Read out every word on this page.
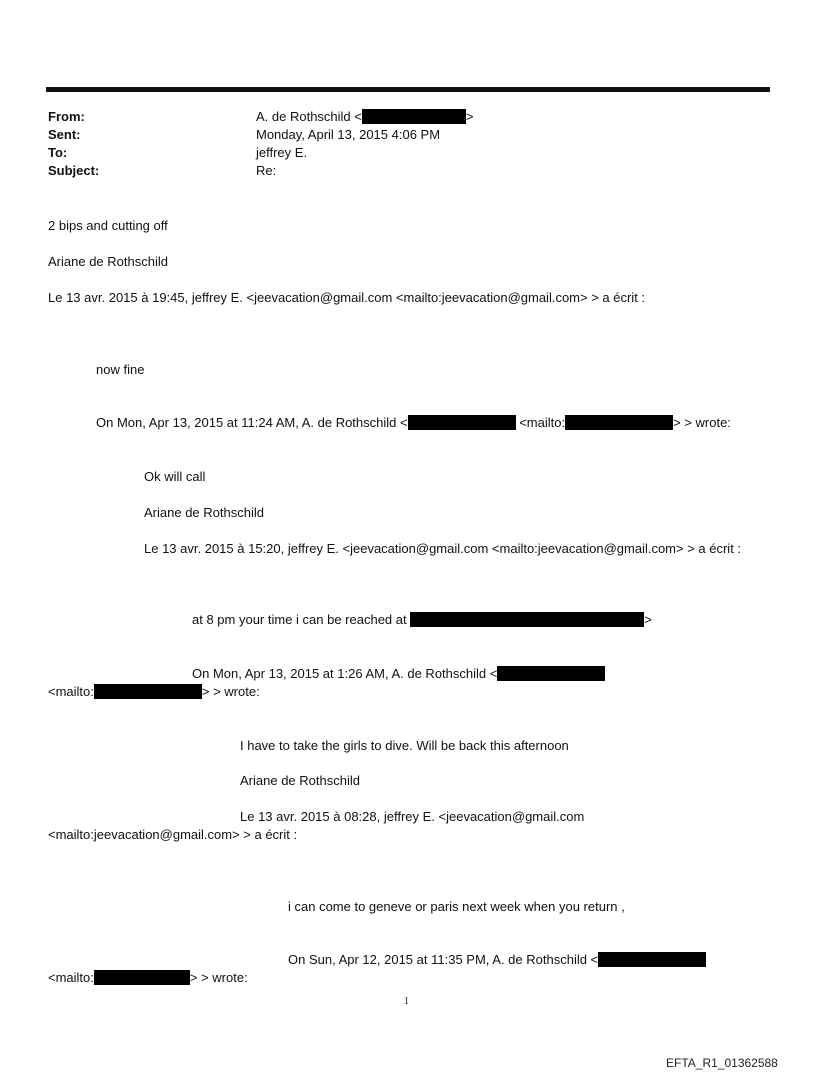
From:	A. de Rothschild <	>
Sent:	Monday, April 13, 2015 4:06 PM
To:	jeffrey E.
Subject:	Re:
2 bips and cutting off
Ariane de Rothschild
Le 13 avr. 2015 à 19:45, jeffrey E. <jeevacation@gmail.com <mailto:jeevacation@gmail.com> > a écrit :
now fine
On Mon, Apr 13, 2015 at 11:24 AM, A. de Rothschild <	<mailto:	> > wrote:
Ok will call
Ariane de Rothschild
Le 13 avr. 2015 à 15:20, jeffrey E. <jeevacation@gmail.com <mailto:jeevacation@gmail.com> > a écrit :
at 8 pm your time i can be reached at	>
On Mon, Apr 13, 2015 at 1:26 AM, A. de Rothschild <
<mailto:	> > wrote:
I have to take the girls to dive. Will be back this afternoon
Ariane de Rothschild
Le 13 avr. 2015 à 08:28, jeffrey E. <jeevacation@gmail.com
<mailto:jeevacation@gmail.com> > a écrit :
i can come to geneve or paris next week when you return ,
On Sun, Apr 12, 2015 at 11:35 PM, A. de Rothschild <
<mailto:	> > wrote:
1
EFTA_R1_01362588
